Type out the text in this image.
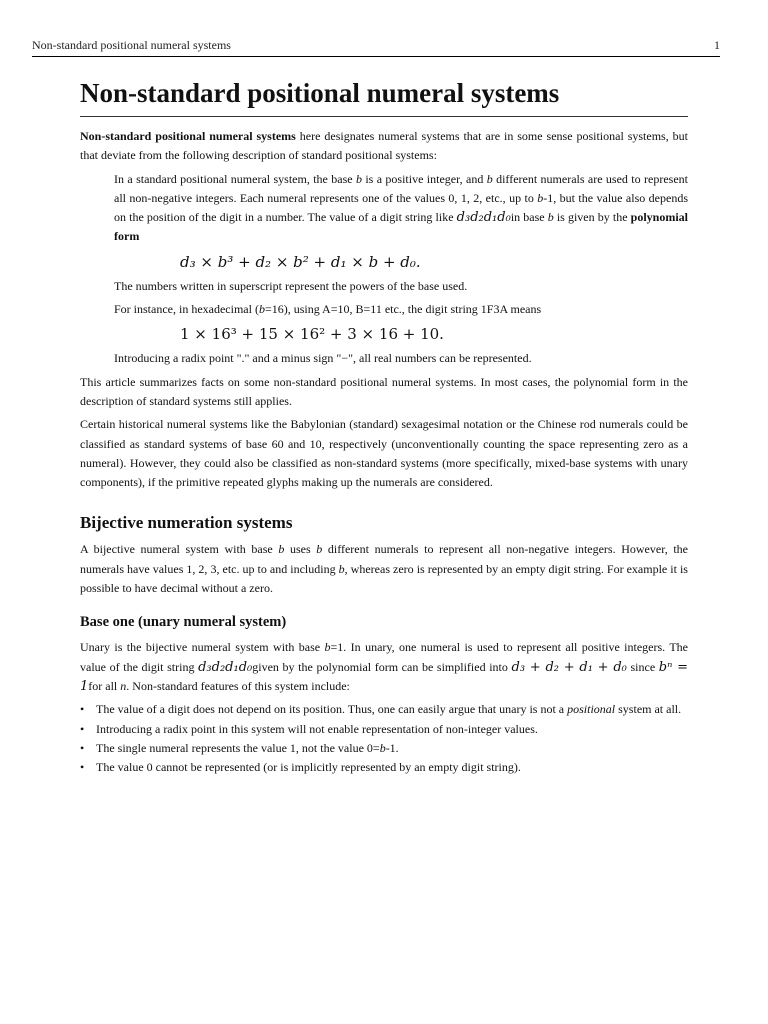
Non-standard positional numeral systems	1
Non-standard positional numeral systems

Non-standard positional numeral systems here designates numeral systems that are in some sense positional systems, but that deviate from the following description of standard positional systems:

In a standard positional numeral system, the base b is a positive integer, and b different numerals are used to represent all non-negative integers. Each numeral represents one of the values 0, 1, 2, etc., up to b-1, but the value also depends on the position of the digit in a number. The value of a digit string like d₃d₂d₁d₀in base b is given by the polynomial form

d₃ × b³ + d₂ × b² + d₁ × b + d₀.

The numbers written in superscript represent the powers of the base used.

For instance, in hexadecimal (b=16), using A=10, B=11 etc., the digit string 1F3A means

1 × 16³ + 15 × 16² + 3 × 16 + 10.

Introducing a radix point "." and a minus sign "−", all real numbers can be represented.

This article summarizes facts on some non-standard positional numeral systems. In most cases, the polynomial form in the description of standard systems still applies.

Certain historical numeral systems like the Babylonian (standard) sexagesimal notation or the Chinese rod numerals could be classified as standard systems of base 60 and 10, respectively (unconventionally counting the space representing zero as a numeral). However, they could also be classified as non-standard systems (more specifically, mixed-base systems with unary components), if the primitive repeated glyphs making up the numerals are considered.

Bijective numeration systems

A bijective numeral system with base b uses b different numerals to represent all non-negative integers. However, the numerals have values 1, 2, 3, etc. up to and including b, whereas zero is represented by an empty digit string. For example it is possible to have decimal without a zero.

Base one (unary numeral system)

Unary is the bijective numeral system with base b=1. In unary, one numeral is used to represent all positive integers. The value of the digit string d₃d₂d₁d₀given by the polynomial form can be simplified into d₃ + d₂ + d₁ + d₀ since bⁿ = 1for all n. Non-standard features of this system include:

• The value of a digit does not depend on its position. Thus, one can easily argue that unary is not a positional system at all.
• Introducing a radix point in this system will not enable representation of non-integer values.
• The single numeral represents the value 1, not the value 0=b-1.
• The value 0 cannot be represented (or is implicitly represented by an empty digit string).
